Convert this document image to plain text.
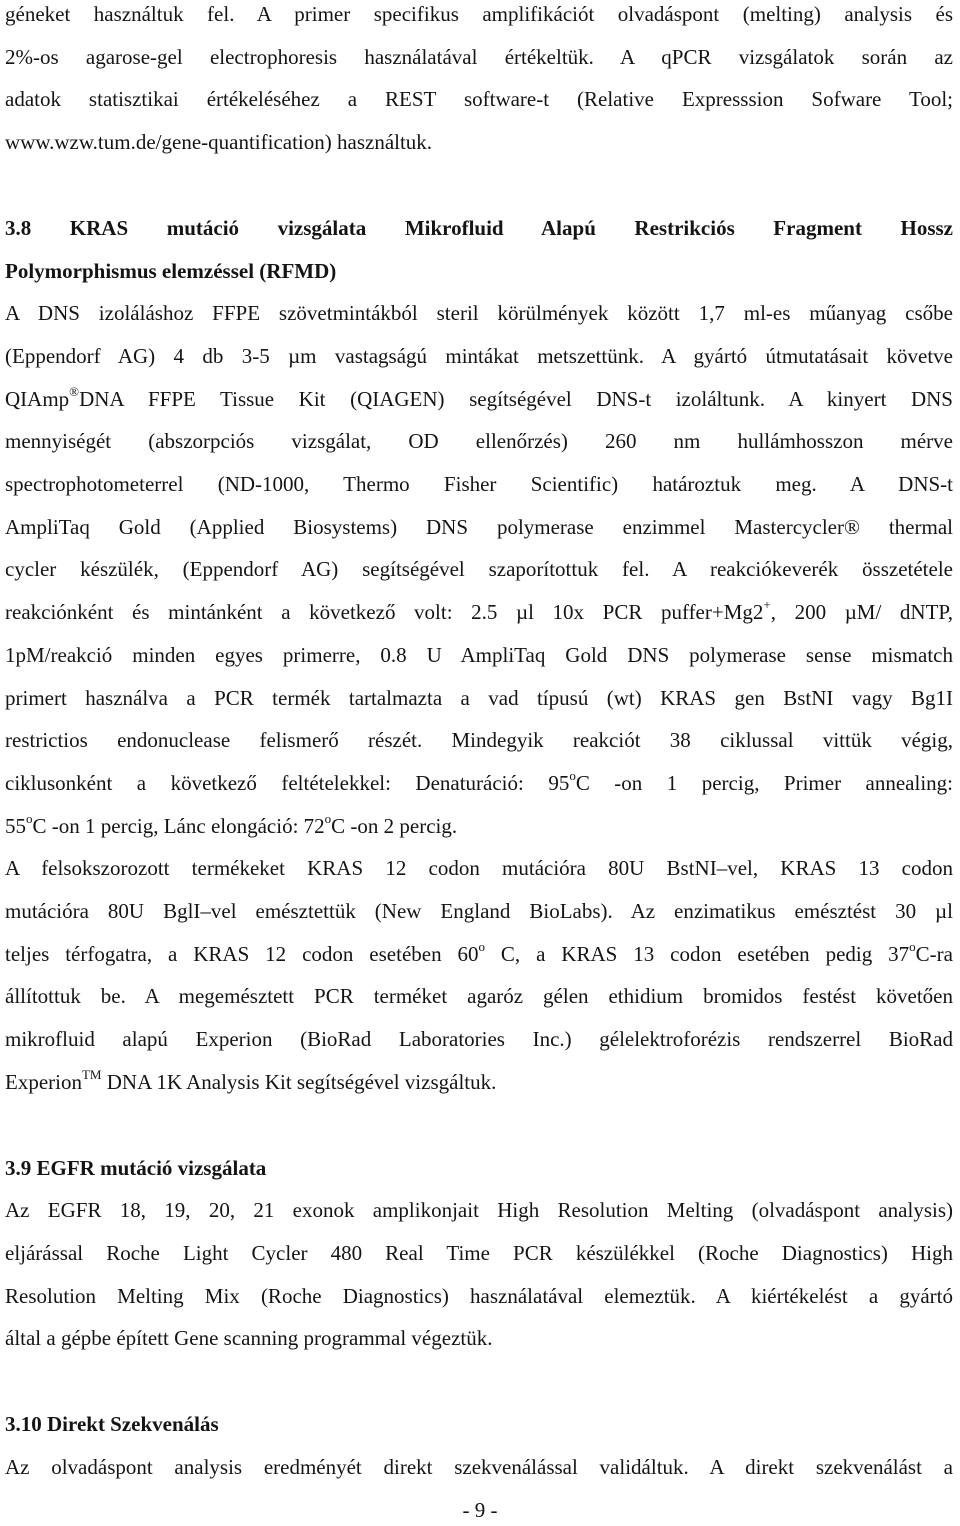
géneket használtuk fel. A primer specifikus amplifikációt olvadáspont (melting) analysis és
2%-os agarose-gel electrophoresis használatával értékeltük. A qPCR vizsgálatok során az
adatok statisztikai értékeléséhez a REST software-t (Relative Expresssion Sofware Tool;
www.wzw.tum.de/gene-quantification) használtuk.
3.8 KRAS mutáció vizsgálata Mikrofluid Alapú Restrikciós Fragment Hossz
Polymorphismus elemzéssel (RFMD)
A DNS izoláláshoz FFPE szövetmintákból steril körülmények között 1,7 ml-es műanyag csőbe
(Eppendorf AG) 4 db 3-5 µm vastagságú mintákat metszettünk. A gyártó útmutatásait követve
QIAmp®DNA FFPE Tissue Kit (QIAGEN) segítségével DNS-t izoláltunk. A kinyert DNS
mennyiségét (abszorpciós vizsgálat, OD ellenőrzés) 260 nm hullámhosszon mérve
spectrophotometerrel (ND-1000, Thermo Fisher Scientific) határoztuk meg. A DNS-t
AmpliTaq Gold (Applied Biosystems) DNS polymerase enzimmel Mastercycler® thermal
cycler készülék, (Eppendorf AG) segítségével szaporítottuk fel. A reakciókeverék összetétele
reakciónként és mintánként a következő volt: 2.5 µl 10x PCR puffer+Mg2+, 200 µM/ dNTP,
1pM/reakció minden egyes primerre, 0.8 U AmpliTaq Gold DNS polymerase sense mismatch
primert használva a PCR termék tartalmazta a vad típusú (wt) KRAS gen BstNI vagy Bg1I
restrictios endonuclease felismerő részét. Mindegyik reakciót 38 ciklussal vittük végig,
ciklusonként a következő feltételekkel: Denaturáció: 95$^o$C -on 1 percig, Primer annealing:
55$^o$C -on 1 percig, Lánc elongáció: 72$^o$C -on 2 percig.
A felsokszorozott termékeket KRAS 12 codon mutációra 80U BstNI–vel, KRAS 13 codon
mutációra 80U BglI–vel emésztettük (New England BioLabs). Az enzimatikus emésztést 30 µl
teljes térfogatra, a KRAS 12 codon esetében 60$^o$ C, a KRAS 13 codon esetében pedig 37$^o$C-ra
állítottuk be. A megemésztett PCR terméket agaróz gélen ethidium bromidos festést követően
mikrofluid alapú Experion (BioRad Laboratories Inc.) gélelektroforézis rendszerrel BioRad
Experion™ DNA 1K Analysis Kit segítségével vizsgáltuk.
3.9 EGFR mutáció vizsgálata
Az EGFR 18, 19, 20, 21 exonok amplikonjait High Resolution Melting (olvadáspont analysis)
eljárással Roche Light Cycler 480 Real Time PCR készülékkel (Roche Diagnostics) High
Resolution Melting Mix (Roche Diagnostics) használatával elemeztük. A kiértékelést a gyártó
által a gépbe épített Gene scanning programmal végeztük.
3.10 Direkt Szekvenálás
Az olvadáspont analysis eredményét direkt szekvenálással validáltuk. A direkt szekvenálást a
- 9 -
